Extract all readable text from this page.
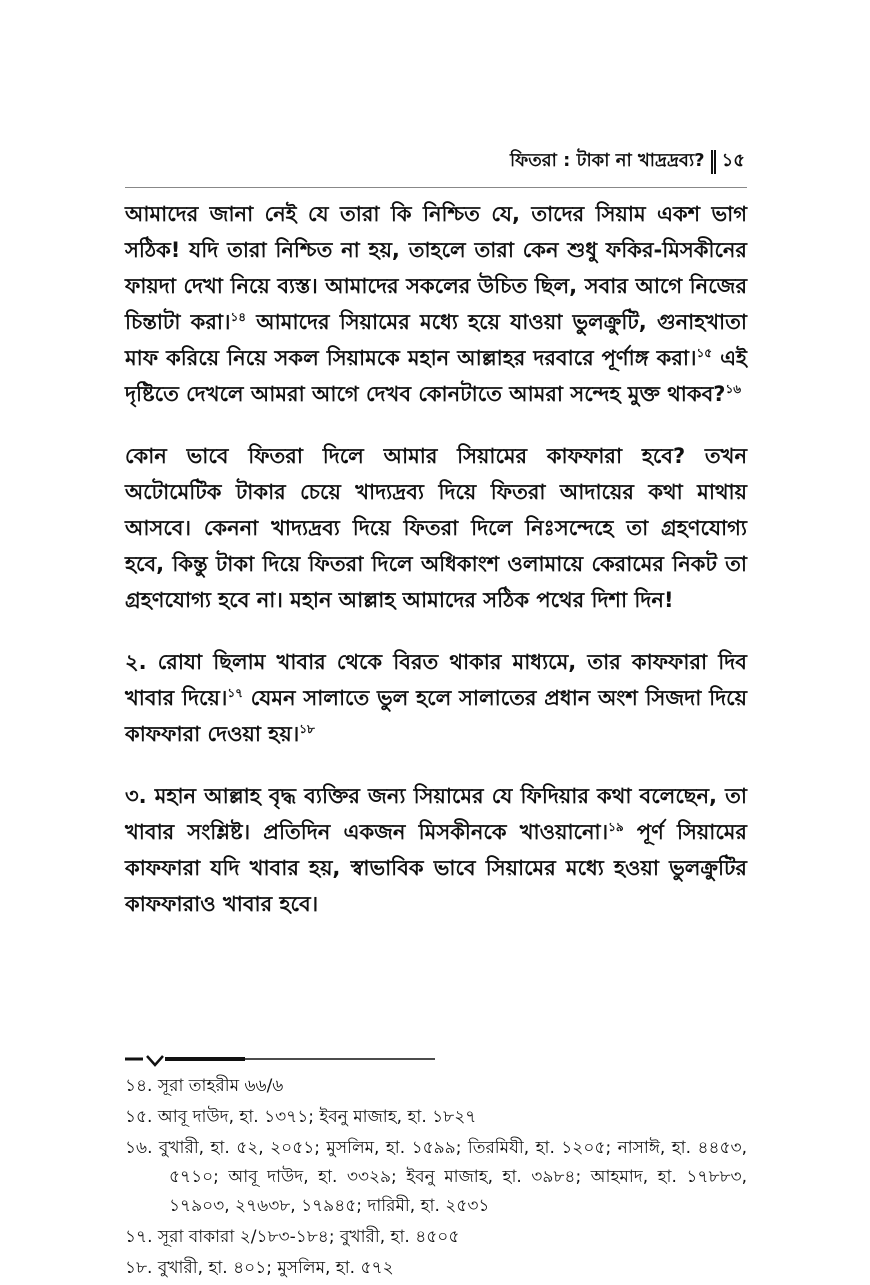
ফিতরা : টাকা না খাদ্রদ্রব্য? ১৫

আমাদের জানা নেই যে তারা কি নিশ্চিত যে, তাদের সিয়াম একশ ভাগ সঠিক! যদি তারা নিশ্চিত না হয়, তাহলে তারা কেন শুধু ফকির-মিসকীনের ফায়দা দেখা নিয়ে ব্যস্ত। আমাদের সকলের উচিত ছিল, সবার আগে নিজের চিন্তাটা করা।$^{১৪}$ আমাদের সিয়ামের মধ্যে হয়ে যাওয়া ভুলক্রুটি, গুনাহখাতা মাফ করিয়ে নিয়ে সকল সিয়ামকে মহান আল্লাহর দরবারে পূর্ণাঙ্গ করা।$^{১৫}$ এই দৃষ্টিতে দেখলে আমরা আগে দেখব কোনটাতে আমরা সন্দেহ মুক্ত থাকব?$^{১৬}$

কোন ভাবে ফিতরা দিলে আমার সিয়ামের কাফফারা হবে? তখন অটোমেটিক টাকার চেয়ে খাদ্যদ্রব্য দিয়ে ফিতরা আদায়ের কথা মাথায় আসবে। কেননা খাদ্যদ্রব্য দিয়ে ফিতরা দিলে নিঃসন্দেহে তা গ্রহণযোগ্য হবে, কিন্তু টাকা দিয়ে ফিতরা দিলে অধিকাংশ ওলামায়ে কেরামের নিকট তা গ্রহণযোগ্য হবে না। মহান আল্লাহ আমাদের সঠিক পথের দিশা দিন!

২. রোযা ছিলাম খাবার থেকে বিরত থাকার মাধ্যমে, তার কাফফারা দিব খাবার দিয়ে।$^{১৭}$ যেমন সালাতে ভুল হলে সালাতের প্রধান অংশ সিজদা দিয়ে কাফফারা দেওয়া হয়।$^{১৮}$

৩. মহান আল্লাহ বৃদ্ধ ব্যক্তির জন্য সিয়ামের যে ফিদিয়ার কথা বলেছেন, তা খাবার সংশ্লিষ্ট। প্রতিদিন একজন মিসকীনকে খাওয়ানো।$^{১৯}$ পূর্ণ সিয়ামের কাফফারা যদি খাবার হয়, স্বাভাবিক ভাবে সিয়ামের মধ্যে হওয়া ভুলক্রুটির কাফফারাও খাবার হবে।

১৪. সূরা তাহরীম ৬৬/৬

১৫. আবূ দাউদ, হা. ১৩৭১; ইবনু মাজাহ, হা. ১৮২৭

১৬. বুখারী, হা. ৫২, ২০৫১; মুসলিম, হা. ১৫৯৯; তিরমিযী, হা. ১২০৫; নাসাঈ, হা. ৪৪৫৩, ৫৭১০; আবূ দাউদ, হা. ৩৩২৯; ইবনু মাজাহ, হা. ৩৯৮৪; আহমাদ, হা. ১৭৮৮৩, ১৭৯০৩, ২৭৬৩৮, ১৭৯৪৫; দারিমী, হা. ২৫৩১

১৭. সূরা বাকারা ২/১৮৩-১৮৪; বুখারী, হা. ৪৫০৫

১৮. বুখারী, হা. ৪০১; মুসলিম, হা. ৫৭২
